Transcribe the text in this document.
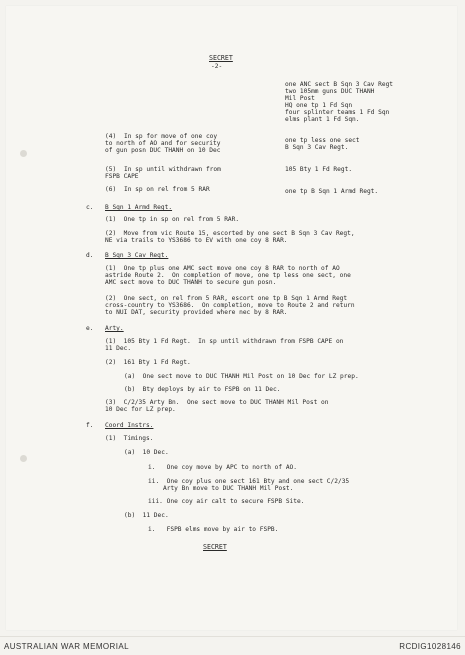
SECRET
-2-
one ANC sect B Sqn 3 Cav Regt
two 105mm guns DUC THANH
Mil Post
HQ one tp 1 Fd Sqn
four splinter teams 1 Fd Sqn
elms plant 1 Fd Sqn.
(4) In sp for move of one coy
to north of AO and for security
of gun posn DUC THANH on 10 Dec
one tp less one sect
B Sqn 3 Cav Regt.
(5) In sp until withdrawn from
FSPB CAPE
105 Bty 1 Fd Regt.
(6) In sp on rel from 5 RAR	one tp B Sqn 1 Armd Regt.
c. B Sqn 1 Armd Regt.
(1)  One tp in sp on rel from 5 RAR.
(2)  Move from vic Route 15, escorted by one sect B Sqn 3 Cav Regt,
NE via trails to YS3686 to EV with one coy 8 RAR.
d. B Sqn 3 Cav Regt.
(1)  One tp plus one AMC sect move one coy 8 RAR to north of AO
astride Route 2.  On completion of move, one tp less one sect, one
AMC sect move to DUC THANH to secure gun posn.
(2)  One sect, on rel from 5 RAR, escort one tp B Sqn 1 Armd Regt
cross-country to YS3686.  On completion, move to Route 2 and return
to NUI DAT, security provided where nec by 8 RAR.
e. Arty.
(1)  105 Bty 1 Fd Regt.  In sp until withdrawn from FSPB CAPE on
11 Dec.
(2)  161 Bty 1 Fd Regt.
(a)  One sect move to DUC THANH Mil Post on 10 Dec for LZ prep.
(b)  Bty deploys by air to FSPB on 11 Dec.
(3)  C/2/35 Arty Bn.  One sect move to DUC THANH Mil Post on
10 Dec for LZ prep.
f. Coord Instrs.
(1)  Timings.
(a)  10 Dec.
i.   One coy move by APC to north of AO.
ii.  One coy plus one sect 161 Bty and one sect C/2/35
Arty Bn move to DUC THANH Mil Post.
iii. One coy air calt to secure FSPB Site.
(b)  11 Dec.
i.   FSPB elms move by air to FSPB.
SECRET
AUSTRALIAN WAR MEMORIAL	RCDIG1028146
